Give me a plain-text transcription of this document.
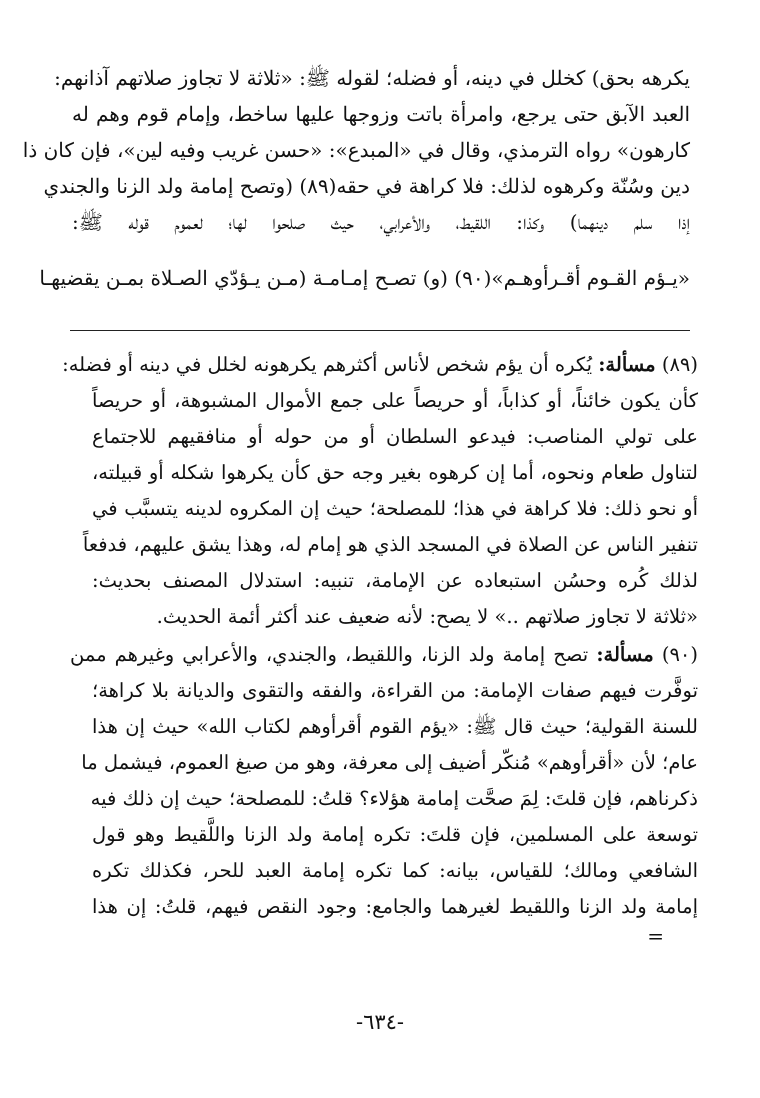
يكرهه بحق) كخلل في دينه، أو فضله؛ لقوله ﷺ: «ثلاثة لا تجاوز صلاتهم آذانهم:
العبد الآبق حتى يرجع، وامرأة باتت وزوجها عليها ساخط، وإمام قوم وهم له
كارهون» رواه الترمذي، وقال في «المبدع»: «حسن غريب وفيه لين»، فإن كان ذا
دين وسُنّة وكرهوه لذلك: فلا كراهة في حقه(٨٩) (وتصح إمامة ولد الزنا والجندي
إذا سلم دينهما) وكذا: اللقيط، والأعرابي، حيث صلحوا لها؛ لعموم قوله ﷺ:
«يـؤم القـوم أقـرأوهـم»(٩٠) (و) تصـح إمـامـة (مـن يـؤدّي الصـلاة بمـن يقضيهـا
(٨٩) مسألة: يُكره أن يؤم شخص لأناس أكثرهم يكرهونه لخلل في دينه أو فضله:
كأن يكون خائناً، أو كذاباً، أو حريصاً على جمع الأموال المشبوهة، أو حريصاً
على تولي المناصب: فيدعو السلطان أو من حوله أو منافقيهم للاجتماع
لتناول طعام ونحوه، أما إن كرهوه بغير وجه حق كأن يكرهوا شكله أو قبيلته،
أو نحو ذلك: فلا كراهة في هذا؛ للمصلحة؛ حيث إن المكروه لدينه يتسبَّب في
تنفير الناس عن الصلاة في المسجد الذي هو إمام له، وهذا يشق عليهم، فدفعاً
لذلك كُره وحسُن استبعاده عن الإمامة، تنبيه: استدلال المصنف بحديث:
«ثلاثة لا تجاوز صلاتهم ..» لا يصح: لأنه ضعيف عند أكثر أئمة الحديث.
(٩٠) مسألة: تصح إمامة ولد الزنا، واللقيط، والجندي، والأعرابي وغيرهم ممن
توفَّرت فيهم صفات الإمامة: من القراءة، والفقه والتقوى والديانة بلا كراهة؛
للسنة القولية؛ حيث قال ﷺ: «يؤم القوم أقرأوهم لكتاب الله» حيث إن هذا
عام؛ لأن «أقرأوهم» مُنكّر أضيف إلى معرفة، وهو من صيغ العموم، فيشمل ما
ذكرناهم، فإن قلتَ: لِمَ صحَّت إمامة هؤلاء؟ قلتُ: للمصلحة؛ حيث إن ذلك فيه
توسعة على المسلمين، فإن قلتَ: تكره إمامة ولد الزنا واللَّقيط وهو قول
الشافعي ومالك؛ للقياس، بيانه: كما تكره إمامة العبد للحر، فكذلك تكره
إمامة ولد الزنا واللقيط لغيرهما والجامع: وجود النقص فيهم، قلتُ: إن هذا
=
-٦٣٤-
